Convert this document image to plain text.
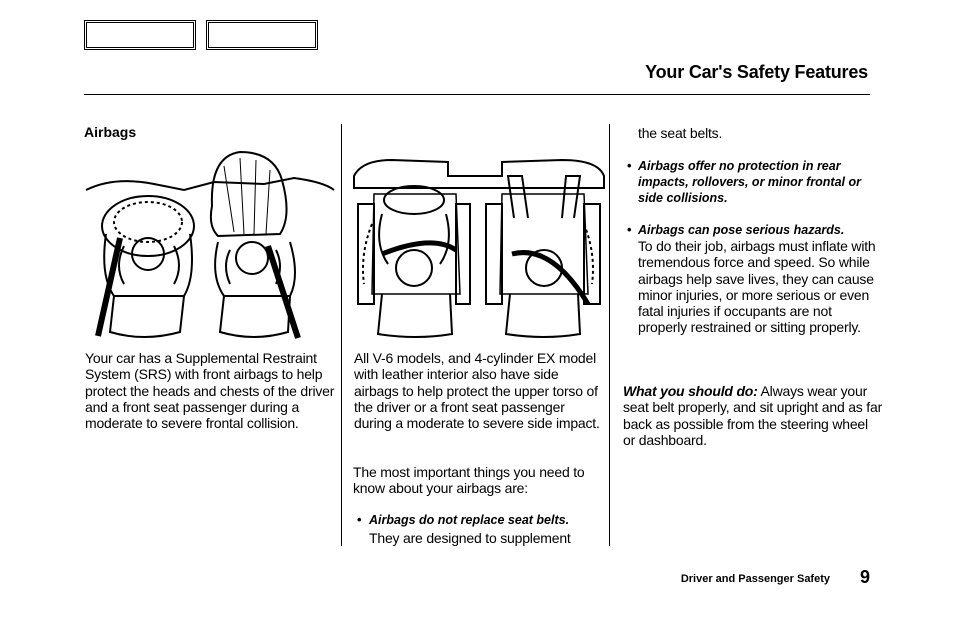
Your Car's Safety Features
Airbags
Your car has a Supplemental Restraint System (SRS) with front airbags to help protect the heads and chests of the driver and a front seat passenger during a moderate to severe frontal collision.
All V-6 models, and 4-cylinder EX model with leather interior also have side airbags to help protect the upper torso of the driver or a front seat passenger during a moderate to severe side impact.
The most important things you need to know about your airbags are:
• Airbags do not replace seat belts.
They are designed to supplement
the seat belts.
• Airbags offer no protection in rear impacts, rollovers, or minor frontal or side collisions.
• Airbags can pose serious hazards.
To do their job, airbags must inflate with tremendous force and speed. So while airbags help save lives, they can cause minor injuries, or more serious or even fatal injuries if occupants are not properly restrained or sitting properly.
What you should do: Always wear your seat belt properly, and sit upright and as far back as possible from the steering wheel or dashboard.
Driver and Passenger Safety 9
